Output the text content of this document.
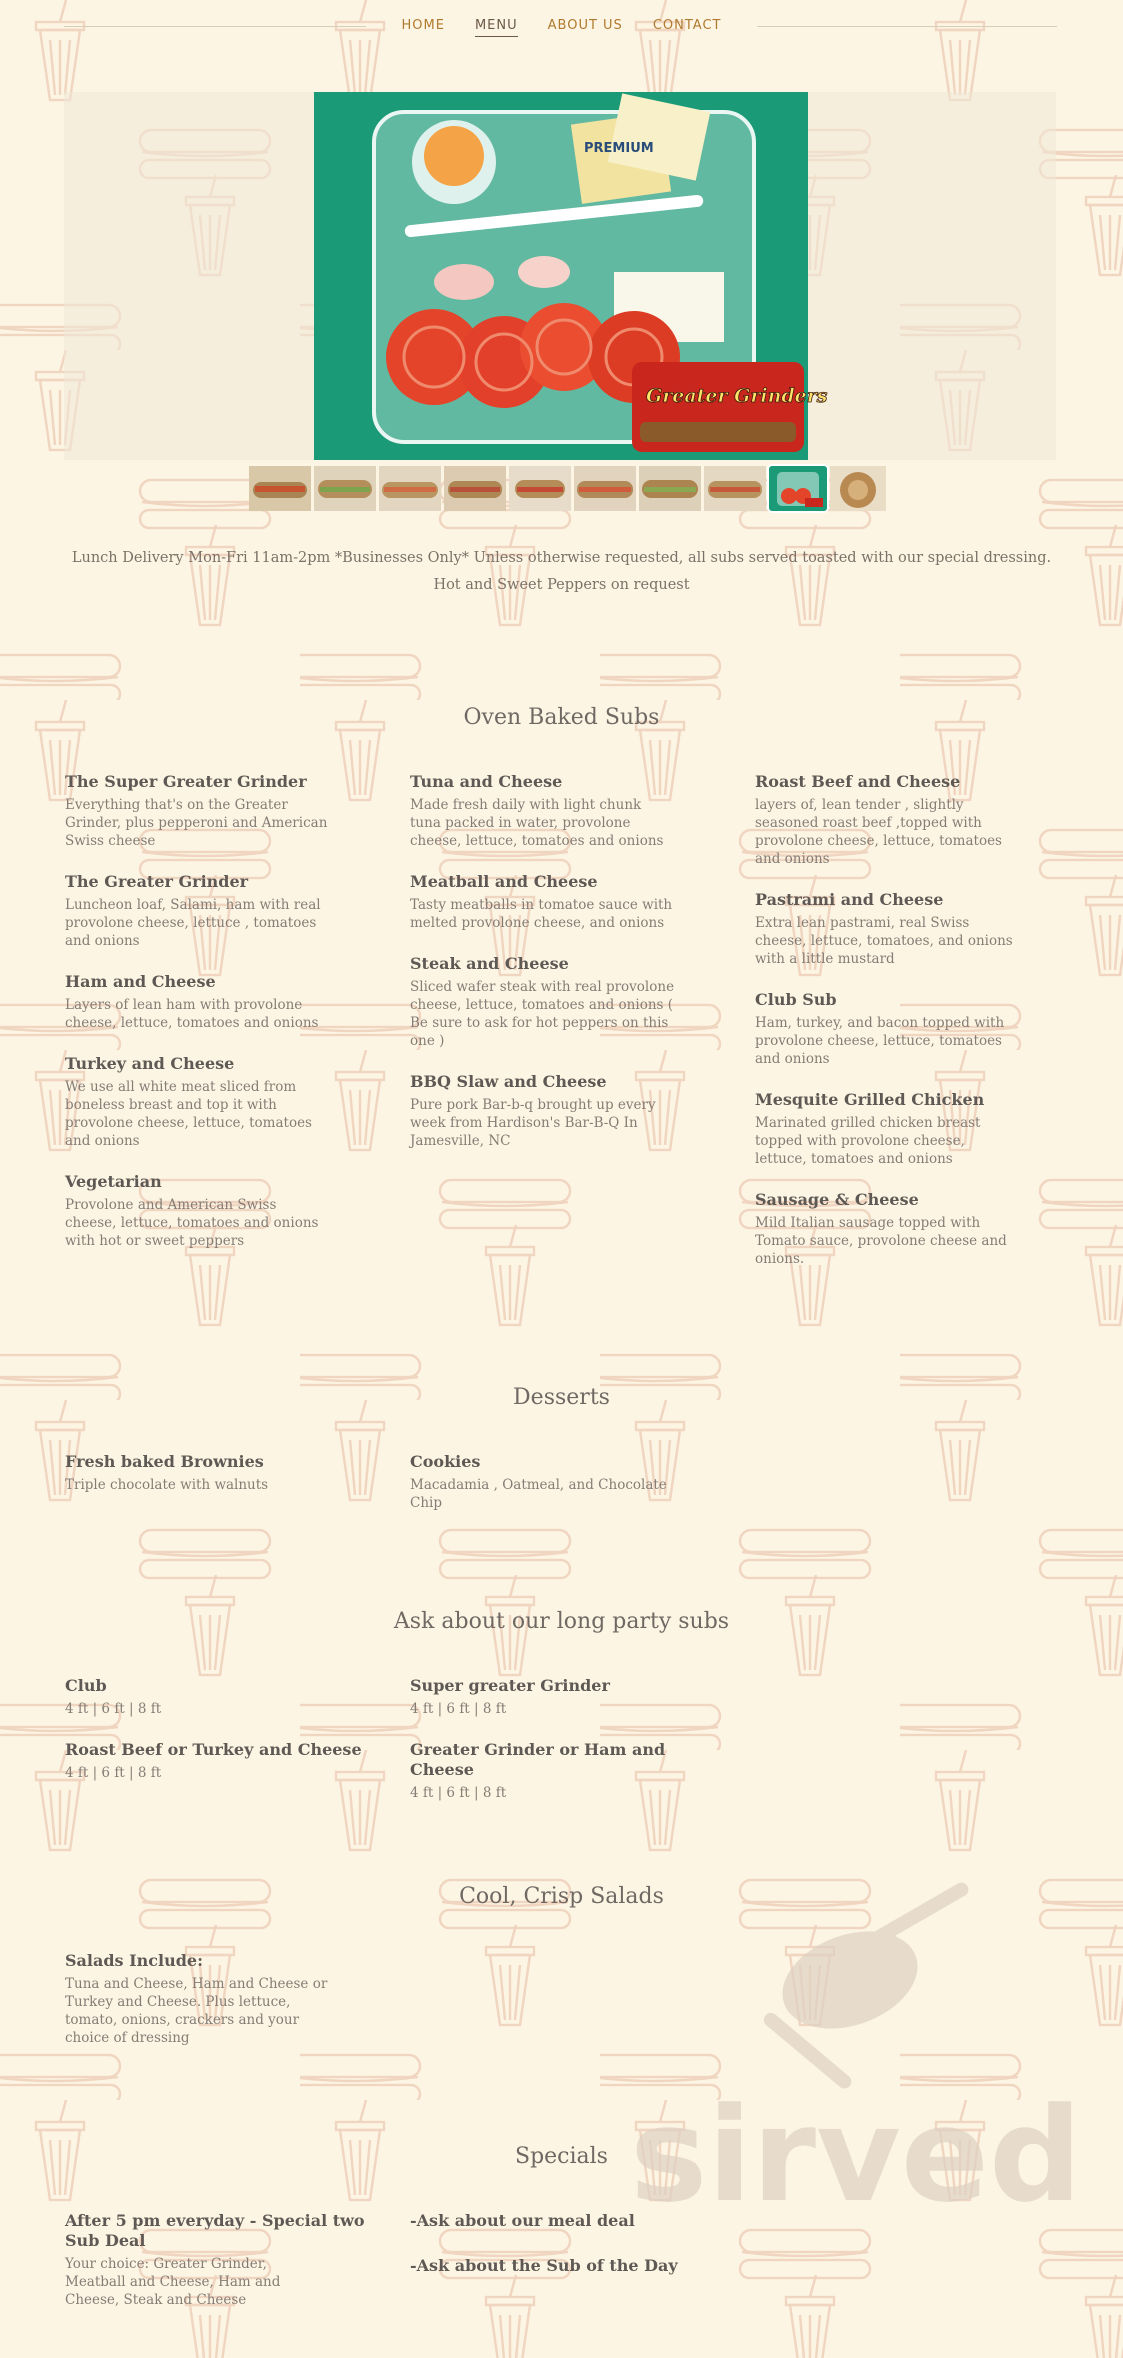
sirved
HOME MENU ABOUT US CONTACT
PREMIUM
Greater Grinders

Lunch Delivery Mon-Fri 11am-2pm *Businesses Only* Unless otherwise requested, all subs served toasted with our special dressing. Hot and Sweet Peppers on request

Oven Baked Subs
The Super Greater Grinder
Everything that's on the Greater Grinder, plus pepperoni and American Swiss cheese
The Greater Grinder
Luncheon loaf, Salami, ham with real provolone cheese, lettuce , tomatoes and onions
Ham and Cheese
Layers of lean ham with provolone cheese, lettuce, tomatoes and onions
Turkey and Cheese
We use all white meat sliced from boneless breast and top it with provolone cheese, lettuce, tomatoes and onions
Vegetarian
Provolone and American Swiss cheese, lettuce, tomatoes and onions with hot or sweet peppers
Tuna and Cheese
Made fresh daily with light chunk tuna packed in water, provolone cheese, lettuce, tomatoes and onions
Meatball and Cheese
Tasty meatballs in tomatoe sauce with melted provolone cheese, and onions
Steak and Cheese
Sliced wafer steak with real provolone cheese, lettuce, tomatoes and onions ( Be sure to ask for hot peppers on this one )
BBQ Slaw and Cheese
Pure pork Bar-b-q brought up every week from Hardison's Bar-B-Q In Jamesville, NC
Roast Beef and Cheese
layers of, lean tender , slightly seasoned roast beef ,topped with provolone cheese, lettuce, tomatoes and onions
Pastrami and Cheese
Extra lean pastrami, real Swiss cheese, lettuce, tomatoes, and onions with a little mustard
Club Sub
Ham, turkey, and bacon topped with provolone cheese, lettuce, tomatoes and onions
Mesquite Grilled Chicken
Marinated grilled chicken breast topped with provolone cheese, lettuce, tomatoes and onions
Sausage & Cheese
Mild Italian sausage topped with Tomato sauce, provolone cheese and onions.
Desserts
Fresh baked Brownies
Triple chocolate with walnuts
Cookies
Macadamia , Oatmeal, and Chocolate Chip
Ask about our long party subs
Club
4 ft | 6 ft | 8 ft
Roast Beef or Turkey and Cheese
4 ft | 6 ft | 8 ft
Super greater Grinder
4 ft | 6 ft | 8 ft
Greater Grinder or Ham and Cheese
4 ft | 6 ft | 8 ft
Cool, Crisp Salads
Salads Include:
Tuna and Cheese, Ham and Cheese or Turkey and Cheese. Plus lettuce, tomato, onions, crackers and your choice of dressing
Specials
After 5 pm everyday - Special two Sub Deal
Your choice: Greater Grinder, Meatball and Cheese, Ham and Cheese, Steak and Cheese
-Ask about our meal deal
-Ask about the Sub of the Day
